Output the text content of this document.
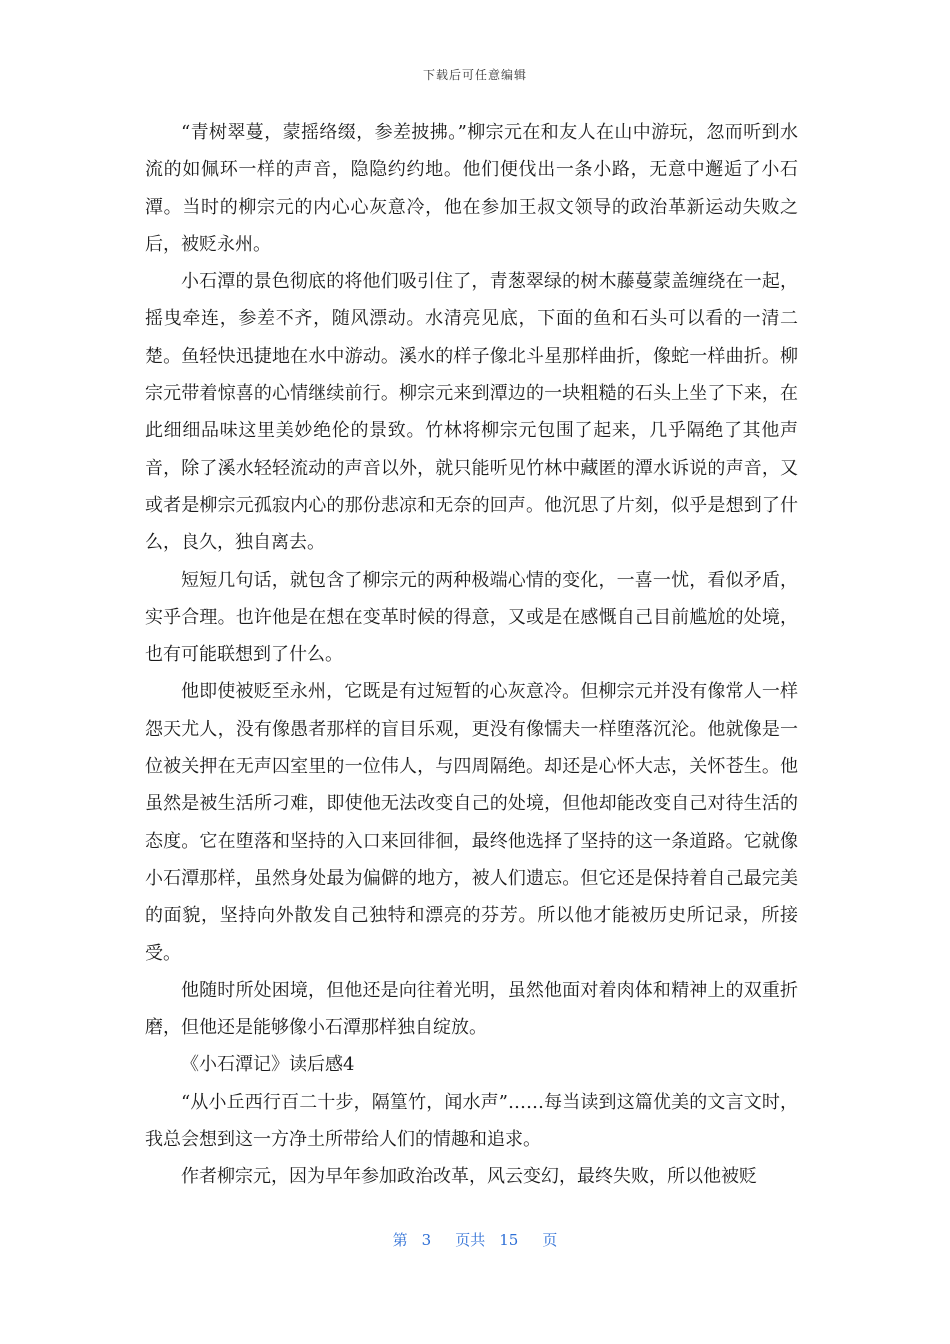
下载后可任意编辑

“青树翠蔓，蒙摇络缀，参差披拂。”柳宗元在和友人在山中游玩，忽而听到水流的如佩环一样的声音，隐隐约约地。他们便伐出一条小路，无意中邂逅了小石潭。当时的柳宗元的内心心灰意冷，他在参加王叔文领导的政治革新运动失败之后，被贬永州。

小石潭的景色彻底的将他们吸引住了，青葱翠绿的树木藤蔓蒙盖缠绕在一起，摇曳牵连，参差不齐，随风漂动。水清亮见底，下面的鱼和石头可以看的一清二楚。鱼轻快迅捷地在水中游动。溪水的样子像北斗星那样曲折，像蛇一样曲折。柳宗元带着惊喜的心情继续前行。柳宗元来到潭边的一块粗糙的石头上坐了下来，在此细细品味这里美妙绝伦的景致。竹林将柳宗元包围了起来，几乎隔绝了其他声音，除了溪水轻轻流动的声音以外，就只能听见竹林中藏匿的潭水诉说的声音，又或者是柳宗元孤寂内心的那份悲凉和无奈的回声。他沉思了片刻，似乎是想到了什么，良久，独自离去。

短短几句话，就包含了柳宗元的两种极端心情的变化，一喜一忧，看似矛盾，实乎合理。也许他是在想在变革时候的得意，又或是在感慨自己目前尴尬的处境，也有可能联想到了什么。

他即使被贬至永州，它既是有过短暂的心灰意冷。但柳宗元并没有像常人一样怨天尤人，没有像愚者那样的盲目乐观，更没有像懦夫一样堕落沉沦。他就像是一位被关押在无声囚室里的一位伟人，与四周隔绝。却还是心怀大志，关怀苍生。他虽然是被生活所刁难，即使他无法改变自己的处境，但他却能改变自己对待生活的态度。它在堕落和坚持的入口来回徘徊，最终他选择了坚持的这一条道路。它就像小石潭那样，虽然身处最为偏僻的地方，被人们遗忘。但它还是保持着自己最完美的面貌，坚持向外散发自己独特和漂亮的芬芳。所以他才能被历史所记录，所接受。

他随时所处困境，但他还是向往着光明，虽然他面对着肉体和精神上的双重折磨，但他还是能够像小石潭那样独自绽放。

《小石潭记》读后感4

“从小丘西行百二十步，隔篁竹，闻水声”……每当读到这篇优美的文言文时，我总会想到这一方净土所带给人们的情趣和追求。

作者柳宗元，因为早年参加政治改革，风云变幻，最终失败，所以他被贬

第 3 页共 15 页
